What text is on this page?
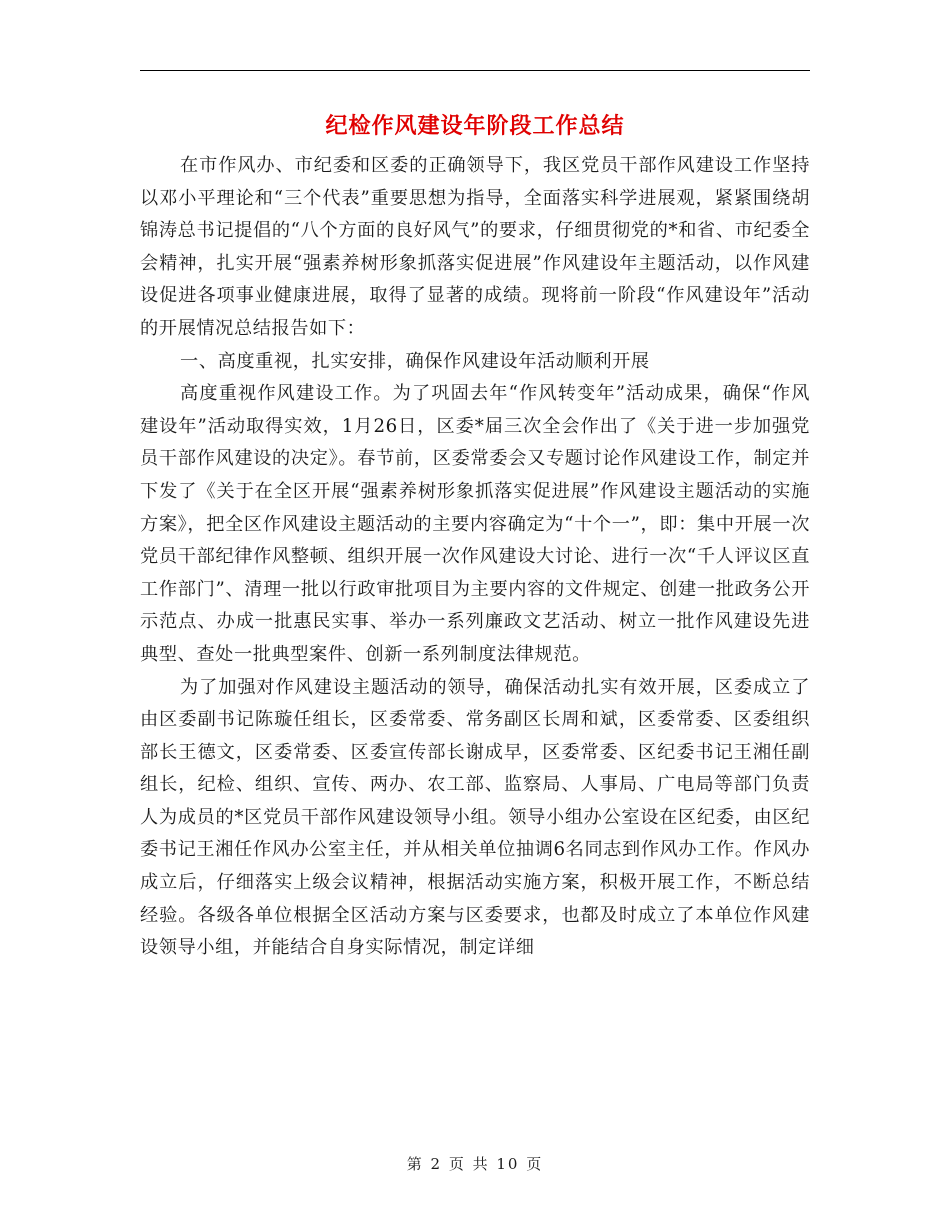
纪检作风建设年阶段工作总结

在市作风办、市纪委和区委的正确领导下，我区党员干部作风建设工作坚持以邓小平理论和“三个代表”重要思想为指导，全面落实科学进展观，紧紧围绕胡锦涛总书记提倡的“八个方面的良好风气”的要求，仔细贯彻党的*和省、市纪委全会精神，扎实开展“强素养树形象抓落实促进展”作风建设年主题活动，以作风建设促进各项事业健康进展，取得了显著的成绩。现将前一阶段“作风建设年”活动的开展情况总结报告如下：

一、高度重视，扎实安排，确保作风建设年活动顺利开展

高度重视作风建设工作。为了巩固去年“作风转变年”活动成果，确保“作风建设年”活动取得实效，1月26日，区委*届三次全会作出了《关于进一步加强党员干部作风建设的决定》。春节前，区委常委会又专题讨论作风建设工作，制定并下发了《关于在全区开展“强素养树形象抓落实促进展”作风建设主题活动的实施方案》，把全区作风建设主题活动的主要内容确定为“十个一”，即：集中开展一次党员干部纪律作风整顿、组织开展一次作风建设大讨论、进行一次“千人评议区直工作部门”、清理一批以行政审批项目为主要内容的文件规定、创建一批政务公开示范点、办成一批惠民实事、举办一系列廉政文艺活动、树立一批作风建设先进典型、查处一批典型案件、创新一系列制度法律规范。

为了加强对作风建设主题活动的领导，确保活动扎实有效开展，区委成立了由区委副书记陈璇任组长，区委常委、常务副区长周和斌，区委常委、区委组织部长王德文，区委常委、区委宣传部长谢成早，区委常委、区纪委书记王湘任副组长，纪检、组织、宣传、两办、农工部、监察局、人事局、广电局等部门负责人为成员的*区党员干部作风建设领导小组。领导小组办公室设在区纪委，由区纪委书记王湘任作风办公室主任，并从相关单位抽调6名同志到作风办工作。作风办成立后，仔细落实上级会议精神，根据活动实施方案，积极开展工作，不断总结经验。各级各单位根据全区活动方案与区委要求，也都及时成立了本单位作风建设领导小组，并能结合自身实际情况，制定详细

第 2 页 共 10 页
